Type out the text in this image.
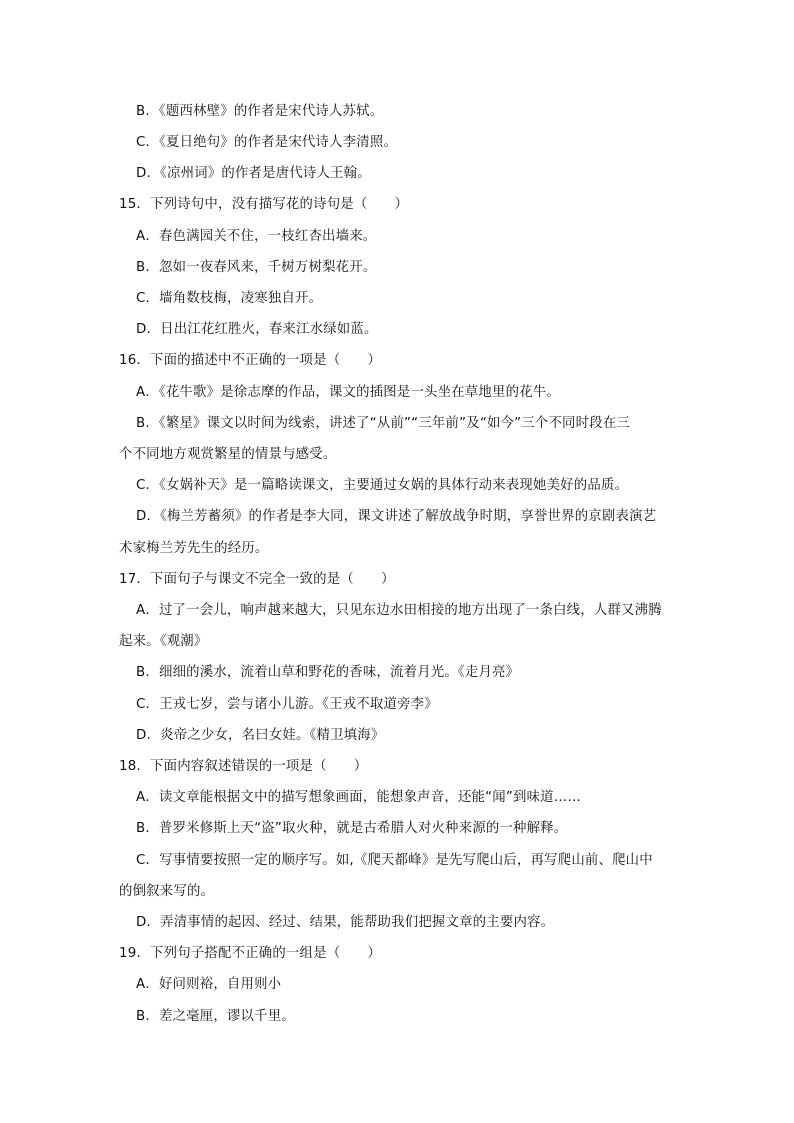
B．《题西林壁》的作者是宋代诗人苏轼。
C．《夏日绝句》的作者是宋代诗人李清照。
D．《凉州词》的作者是唐代诗人王翰。
15．下列诗句中，没有描写花的诗句是（　　）
A．春色满园关不住，一枝红杏出墙来。
B．忽如一夜春风来，千树万树梨花开。
C．墙角数枝梅，凌寒独自开。
D．日出江花红胜火，春来江水绿如蓝。
16．下面的描述中不正确的一项是（　　）
A．《花牛歌》是徐志摩的作品，课文的插图是一头坐在草地里的花牛。
B．《繁星》课文以时间为线索，讲述了“从前”“三年前”及“如今”三个不同时段在三
个不同地方观赏繁星的情景与感受。
C．《女娲补天》是一篇略读课文，主要通过女娲的具体行动来表现她美好的品质。
D．《梅兰芳蓄须》的作者是李大同，课文讲述了解放战争时期，享誉世界的京剧表演艺
术家梅兰芳先生的经历。
17．下面句子与课文不完全一致的是（　　）
A．过了一会儿，响声越来越大，只见东边水田相接的地方出现了一条白线，人群又沸腾
起来。《观潮》
B．细细的溪水，流着山草和野花的香味，流着月光。《走月亮》
C．王戎七岁，尝与诸小儿游。《王戎不取道旁李》
D．炎帝之少女，名曰女娃。《精卫填海》
18．下面内容叙述错误的一项是（　　）
A．读文章能根据文中的描写想象画面，能想象声音，还能“闻”到味道……
B．普罗米修斯上天“盗”取火种，就是古希腊人对火种来源的一种解释。
C．写事情要按照一定的顺序写。如,《爬天都峰》是先写爬山后，再写爬山前、爬山中
的倒叙来写的。
D．弄清事情的起因、经过、结果，能帮助我们把握文章的主要内容。
19．下列句子搭配不正确的一组是（　　）
A．好问则裕，自用则小
B．差之毫厘，谬以千里。
